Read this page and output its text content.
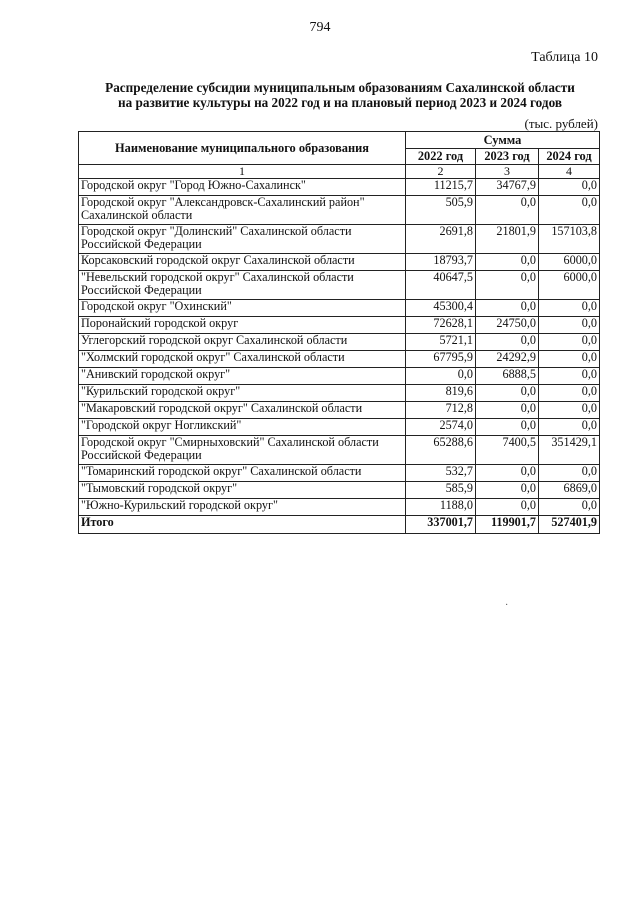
794
Таблица 10
Распределение субсидии муниципальным образованиям Сахалинской области
на развитие культуры на 2022 год и на плановый период 2023 и 2024 годов
(тыс. рублей)
Наименование муниципального образования	Сумма		
	2022 год	2023 год	2024 год
1	2	3	4
Городской округ "Город Южно-Сахалинск"	11215,7	34767,9	0,0
Городской округ "Александровск-Сахалинский район" Сахалинской области	505,9	0,0	0,0
Городской округ "Долинский" Сахалинской области Российской Федерации	2691,8	21801,9	157103,8
Корсаковский городской округ Сахалинской области	18793,7	0,0	6000,0
"Невельский городской округ" Сахалинской области Российской Федерации	40647,5	0,0	6000,0
Городской округ "Охинский"	45300,4	0,0	0,0
Поронайский городской округ	72628,1	24750,0	0,0
Углегорский городской округ Сахалинской области	5721,1	0,0	0,0
"Холмский городской округ" Сахалинской области	67795,9	24292,9	0,0
"Анивский городской округ"	0,0	6888,5	0,0
"Курильский городской округ"	819,6	0,0	0,0
"Макаровский городской округ" Сахалинской области	712,8	0,0	0,0
"Городской округ Ногликский"	2574,0	0,0	0,0
Городской округ "Смирныховский" Сахалинской области Российской Федерации	65288,6	7400,5	351429,1
"Томаринский городской округ" Сахалинской области	532,7	0,0	0,0
"Тымовский городской округ"	585,9	0,0	6869,0
"Южно-Курильский городской округ"	1188,0	0,0	0,0
Итого	337001,7	119901,7	527401,9
·
